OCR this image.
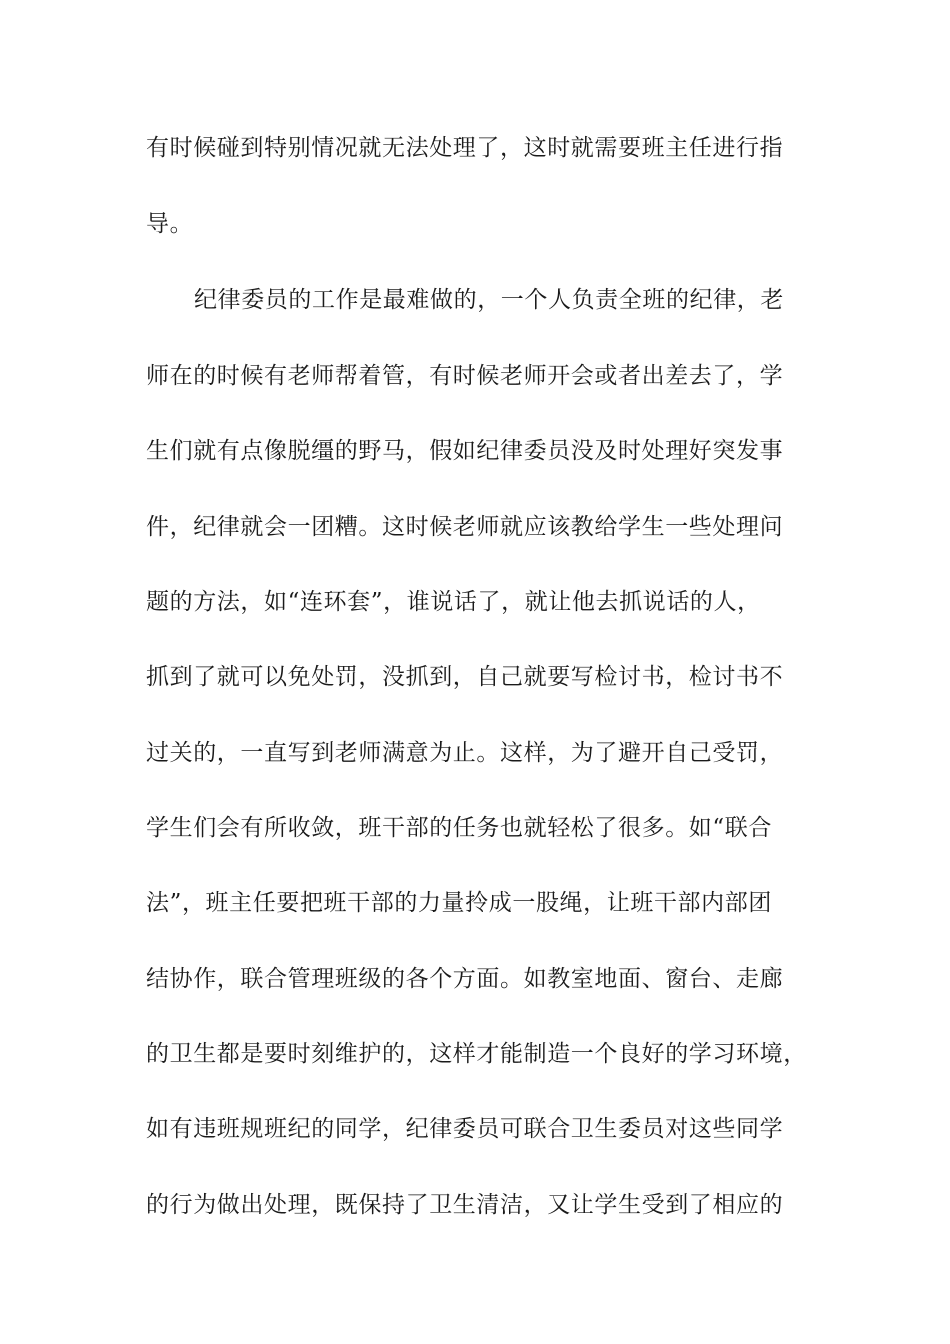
有时候碰到特别情况就无法处理了，这时就需要班主任进行指
导。
纪律委员的工作是最难做的，一个人负责全班的纪律，老
师在的时候有老师帮着管，有时候老师开会或者出差去了，学
生们就有点像脱缰的野马，假如纪律委员没及时处理好突发事
件，纪律就会一团糟。这时候老师就应该教给学生一些处理问
题的方法，如“连环套”，谁说话了，就让他去抓说话的人，
抓到了就可以免处罚，没抓到，自己就要写检讨书，检讨书不
过关的，一直写到老师满意为止。这样，为了避开自己受罚，
学生们会有所收敛，班干部的任务也就轻松了很多。如“联合
法”，班主任要把班干部的力量拎成一股绳，让班干部内部团
结协作，联合管理班级的各个方面。如教室地面、窗台、走廊
的卫生都是要时刻维护的，这样才能制造一个良好的学习环境，
如有违班规班纪的同学，纪律委员可联合卫生委员对这些同学
的行为做出处理，既保持了卫生清洁，又让学生受到了相应的
